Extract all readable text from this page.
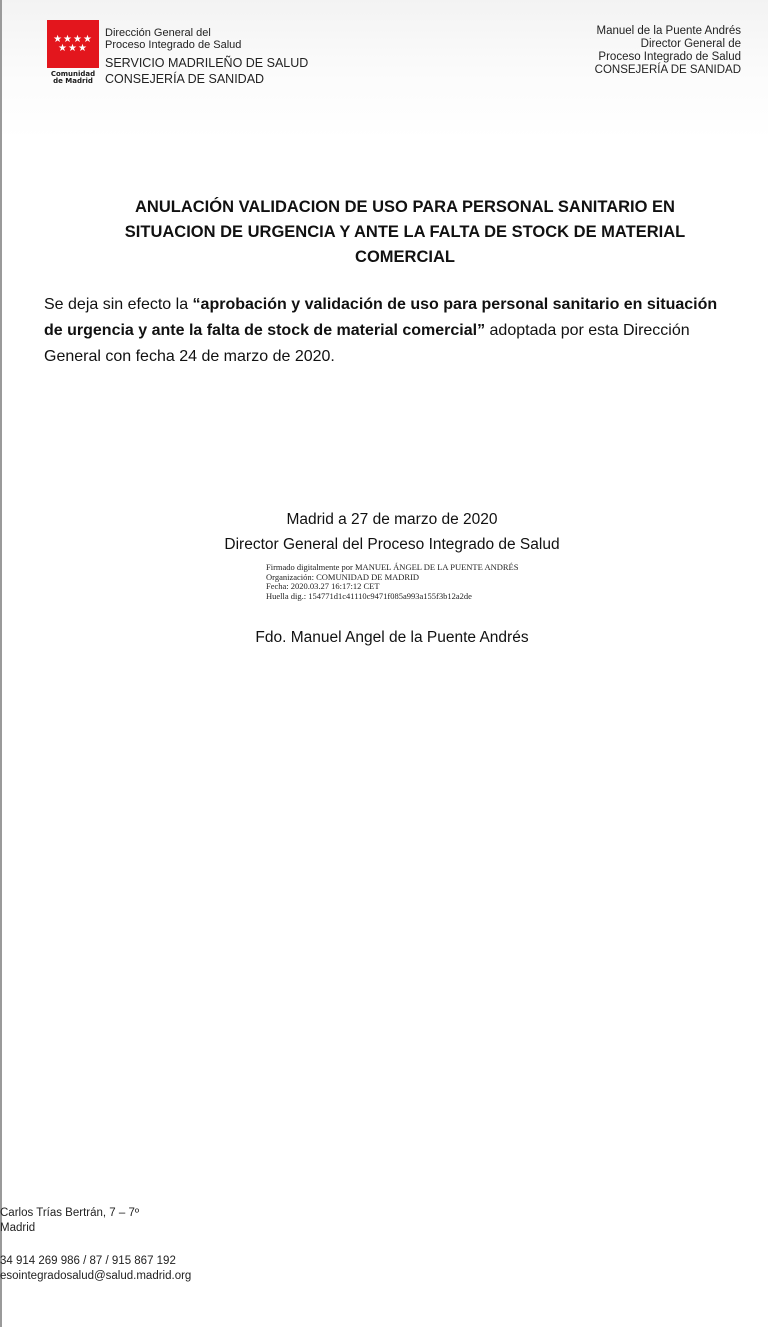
★★★★
★★★
Comunidad
de Madrid
Dirección General del
Proceso Integrado de Salud
SERVICIO MADRILEÑO DE SALUD
CONSEJERÍA DE SANIDAD
Manuel de la Puente Andrés
Director General de
Proceso Integrado de Salud
CONSEJERÍA DE SANIDAD
ANULACIÓN VALIDACION DE USO PARA PERSONAL SANITARIO EN
SITUACION DE URGENCIA Y ANTE LA FALTA DE STOCK DE MATERIAL
COMERCIAL
Se deja sin efecto la “aprobación y validación de uso para personal sanitario en situación de urgencia y ante la falta de stock de material comercial” adoptada por esta Dirección General con fecha 24 de marzo de 2020.
Madrid a 27 de marzo de 2020
Director General del Proceso Integrado de Salud
Firmado digitalmente por MANUEL ÁNGEL DE LA PUENTE ANDRÉS
Organización: COMUNIDAD DE MADRID
Fecha: 2020.03.27 16:17:12 CET
Huella dig.: 154771d1c41110c9471f085a993a155f3b12a2de
Fdo. Manuel Angel de la Puente Andrés
Carlos Trías Bertrán, 7 – 7º
Madrid
34 914 269 986 / 87 / 915 867 192
esointegradosalud@salud.madrid.org
